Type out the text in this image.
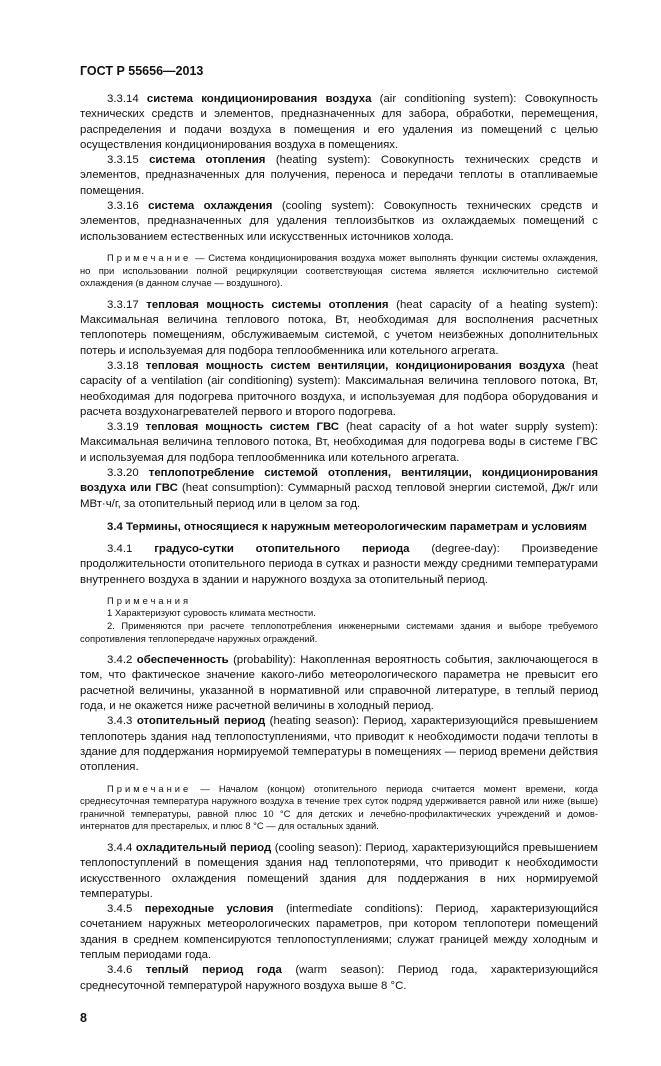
ГОСТ Р 55656—2013

3.3.14 система кондиционирования воздуха (air conditioning system): Совокупность технических средств и элементов, предназначенных для забора, обработки, перемещения, распределения и подачи воздуха в помещения и его удаления из помещений с целью осуществления кондиционирования воздуха в помещениях.

3.3.15 система отопления (heating system): Совокупность технических средств и элементов, предназначенных для получения, переноса и передачи теплоты в отапливаемые помещения.

3.3.16 система охлаждения (cooling system): Совокупность технических средств и элементов, предназначенных для удаления теплоизбытков из охлаждаемых помещений с использованием естественных или искусственных источников холода.

Примечание — Система кондиционирования воздуха может выполнять функции системы охлаждения, но при использовании полной рециркуляции соответствующая система является исключительно системой охлаждения (в данном случае — воздушного).

3.3.17 тепловая мощность системы отопления (heat capacity of a heating system): Максимальная величина теплового потока, Вт, необходимая для восполнения расчетных теплопотерь помещениям, обслуживаемым системой, с учетом неизбежных дополнительных потерь и используемая для подбора теплообменника или котельного агрегата.

3.3.18 тепловая мощность систем вентиляции, кондиционирования воздуха (heat capacity of a ventilation (air conditioning) system): Максимальная величина теплового потока, Вт, необходимая для подогрева приточного воздуха, и используемая для подбора оборудования и расчета воздухонагревателей первого и второго подогрева.

3.3.19 тепловая мощность систем ГВС (heat capacity of a hot water supply system): Максимальная величина теплового потока, Вт, необходимая для подогрева воды в системе ГВС и используемая для подбора теплообменника или котельного агрегата.

3.3.20 теплопотребление системой отопления, вентиляции, кондиционирования воздуха или ГВС (heat consumption): Суммарный расход тепловой энергии системой, Дж/г или МВт·ч/г, за отопительный период или в целом за год.

3.4 Термины, относящиеся к наружным метеорологическим параметрам и условиям

3.4.1 градусо-сутки отопительного периода (degree-day): Произведение продолжительности отопительного периода в сутках и разности между средними температурами внутреннего воздуха в здании и наружного воздуха за отопительный период.

Примечания

1 Характеризуют суровость климата местности.

2. Применяются при расчете теплопотребления инженерными системами здания и выборе требуемого сопротивления теплопередаче наружных ограждений.

3.4.2 обеспеченность (probability): Накопленная вероятность события, заключающегося в том, что фактическое значение какого-либо метеорологического параметра не превысит его расчетной величины, указанной в нормативной или справочной литературе, в теплый период года, и не окажется ниже расчетной величины в холодный период.

3.4.3 отопительный период (heating season): Период, характеризующийся превышением теплопотерь здания над теплопоступлениями, что приводит к необходимости подачи теплоты в здание для поддержания нормируемой температуры в помещениях — период времени действия отопления.

Примечание — Началом (концом) отопительного периода считается момент времени, когда среднесуточная температура наружного воздуха в течение трех суток подряд удерживается равной или ниже (выше) граничной температуры, равной плюс 10 °С для детских и лечебно-профилактических учреждений и домов-интернатов для престарелых, и плюс 8 °С — для остальных зданий.

3.4.4 охладительный период (cooling season): Период, характеризующийся превышением теплопоступлений в помещения здания над теплопотерями, что приводит к необходимости искусственного охлаждения помещений здания для поддержания в них нормируемой температуры.

3.4.5 переходные условия (intermediate conditions): Период, характеризующийся сочетанием наружных метеорологических параметров, при котором теплопотери помещений здания в среднем компенсируются теплопоступлениями; служат границей между холодным и теплым периодами года.

3.4.6 теплый период года (warm season): Период года, характеризующийся среднесуточной температурой наружного воздуха выше 8 °С.

8
